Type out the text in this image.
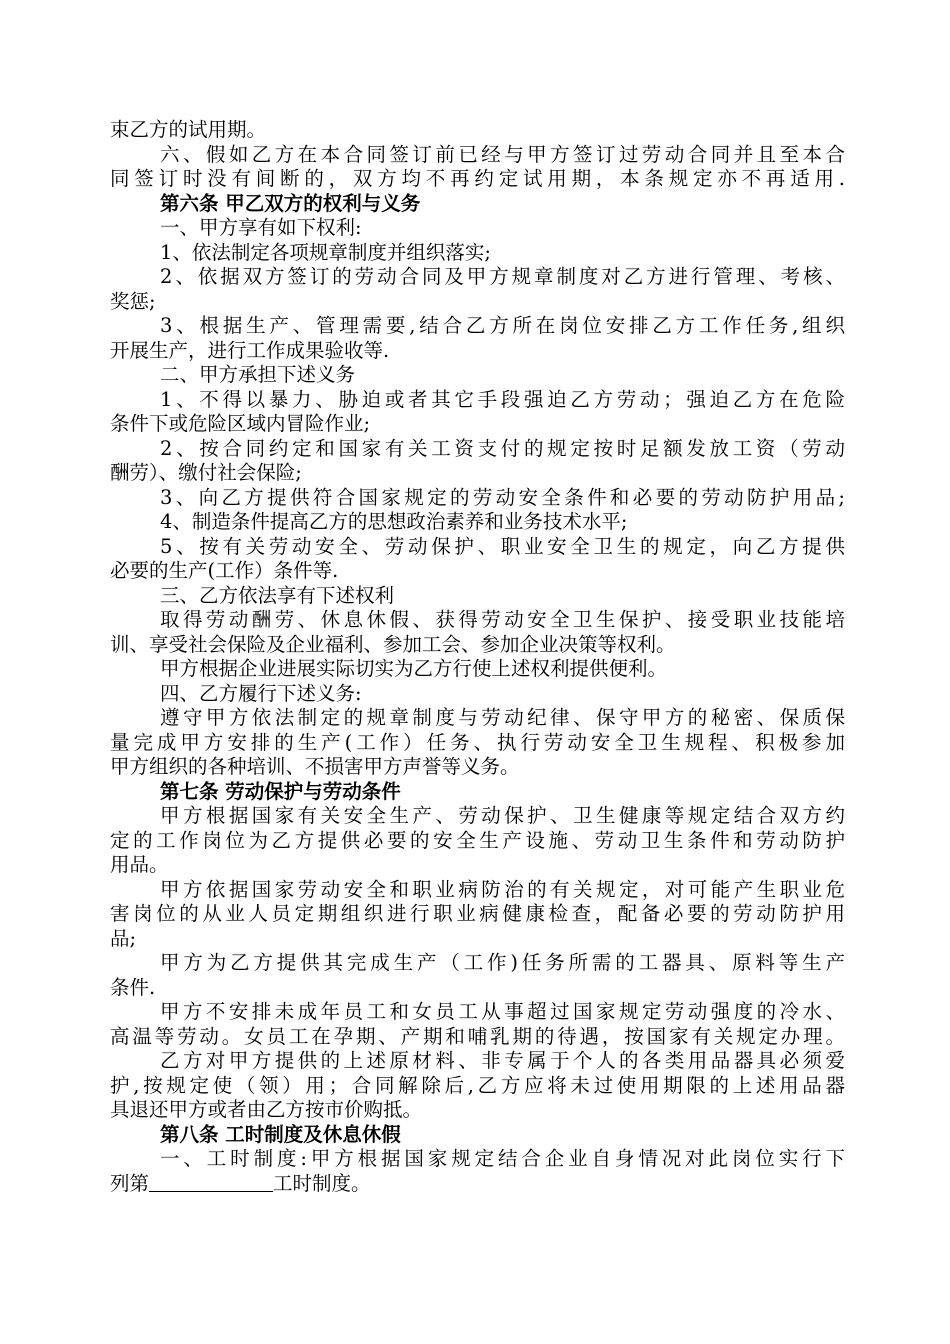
束乙方的试用期。
六、假如乙方在本合同签订前已经与甲方签订过劳动合同并且至本合
同签订时没有间断的，双方均不再约定试用期，本条规定亦不再适用.
第六条 甲乙双方的权利与义务
一、甲方享有如下权利:
1、依法制定各项规章制度并组织落实;
2、依据双方签订的劳动合同及甲方规章制度对乙方进行管理、考核、
奖惩;
3、根据生产、管理需要,结合乙方所在岗位安排乙方工作任务,组织
开展生产，进行工作成果验收等.
二、甲方承担下述义务
1、不得以暴力、胁迫或者其它手段强迫乙方劳动；强迫乙方在危险
条件下或危险区域内冒险作业;
2、按合同约定和国家有关工资支付的规定按时足额发放工资（劳动
酬劳）、缴付社会保险;
3、向乙方提供符合国家规定的劳动安全条件和必要的劳动防护用品;
4、制造条件提高乙方的思想政治素养和业务技术水平;
5、按有关劳动安全、劳动保护、职业安全卫生的规定，向乙方提供
必要的生产(工作）条件等.
三、乙方依法享有下述权利
取得劳动酬劳、休息休假、获得劳动安全卫生保护、接受职业技能培
训、享受社会保险及企业福利、参加工会、参加企业决策等权利。
甲方根据企业进展实际切实为乙方行使上述权利提供便利。
四、乙方履行下述义务:
遵守甲方依法制定的规章制度与劳动纪律、保守甲方的秘密、保质保
量完成甲方安排的生产(工作）任务、执行劳动安全卫生规程、积极参加
甲方组织的各种培训、不损害甲方声誉等义务。
第七条 劳动保护与劳动条件
甲方根据国家有关安全生产、劳动保护、卫生健康等规定结合双方约
定的工作岗位为乙方提供必要的安全生产设施、劳动卫生条件和劳动防护
用品。
甲方依据国家劳动安全和职业病防治的有关规定，对可能产生职业危
害岗位的从业人员定期组织进行职业病健康检查，配备必要的劳动防护用
品;
甲方为乙方提供其完成生产（工作)任务所需的工器具、原料等生产
条件.
甲方不安排未成年员工和女员工从事超过国家规定劳动强度的冷水、
高温等劳动。女员工在孕期、产期和哺乳期的待遇，按国家有关规定办理。
乙方对甲方提供的上述原材料、非专属于个人的各类用品器具必须爱
护,按规定使（领）用；合同解除后,乙方应将未过使用期限的上述用品器
具退还甲方或者由乙方按市价购抵。
第八条 工时制度及休息休假
一、工时制度:甲方根据国家规定结合企业自身情况对此岗位实行下
列第	工时制度。
